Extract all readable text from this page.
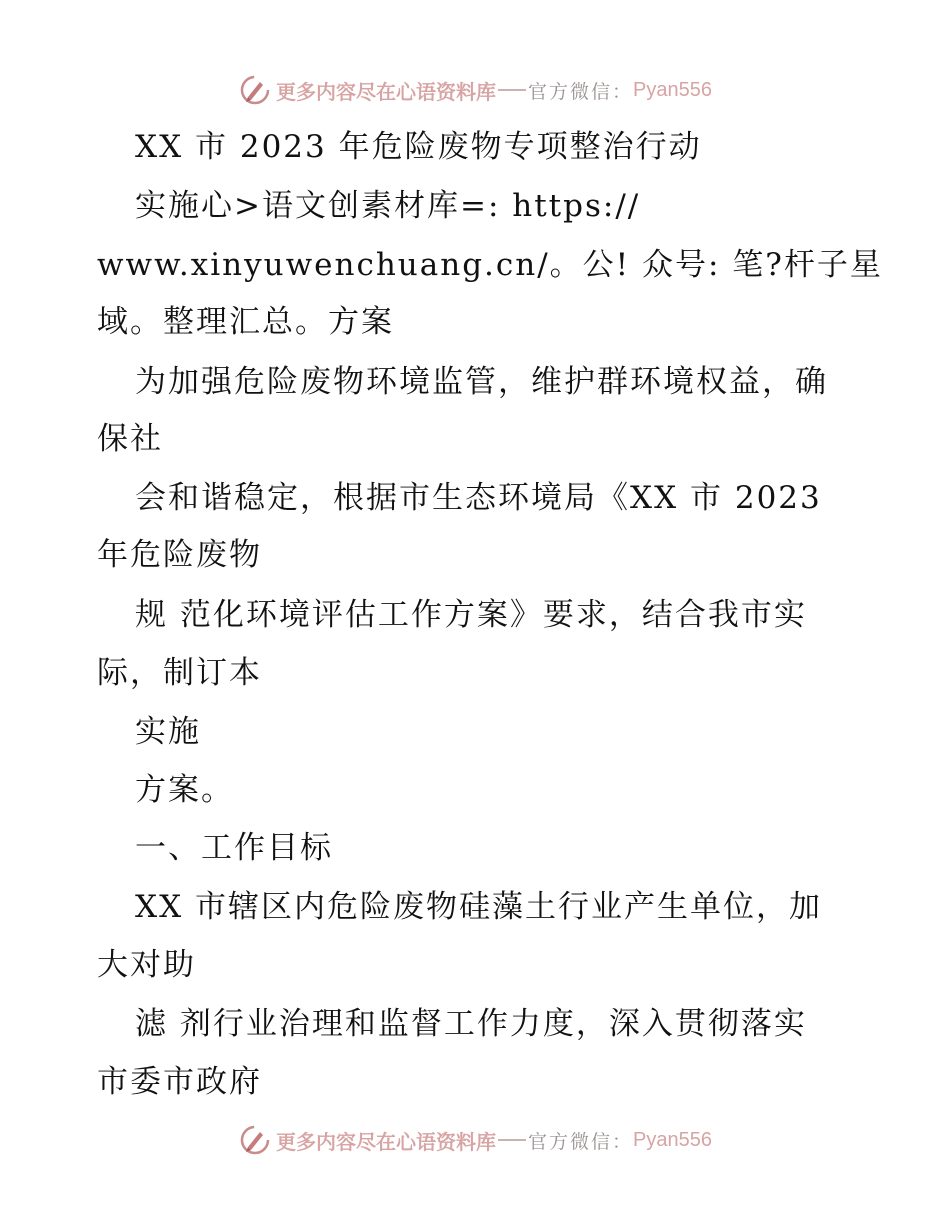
更多内容尽在心语资料库 官方微信： Pyan556
XX 市 2023 年危险废物专项整治行动
实施心>语文创素材库=: https://
www.xinyuwenchuang.cn/。公! 众号: 笔?杆子星
域。整理汇总。方案
为加强危险废物环境监管，维护群环境权益，确
保社
会和谐稳定，根据市生态环境局《XX 市 2023
年危险废物
规 范化环境评估工作方案》要求，结合我市实
际，制订本
实施
方案。
一、工作目标
XX 市辖区内危险废物硅藻土行业产生单位，加
大对助
滤 剂行业治理和监督工作力度，深入贯彻落实
市委市政府
更多内容尽在心语资料库 官方微信： Pyan556
